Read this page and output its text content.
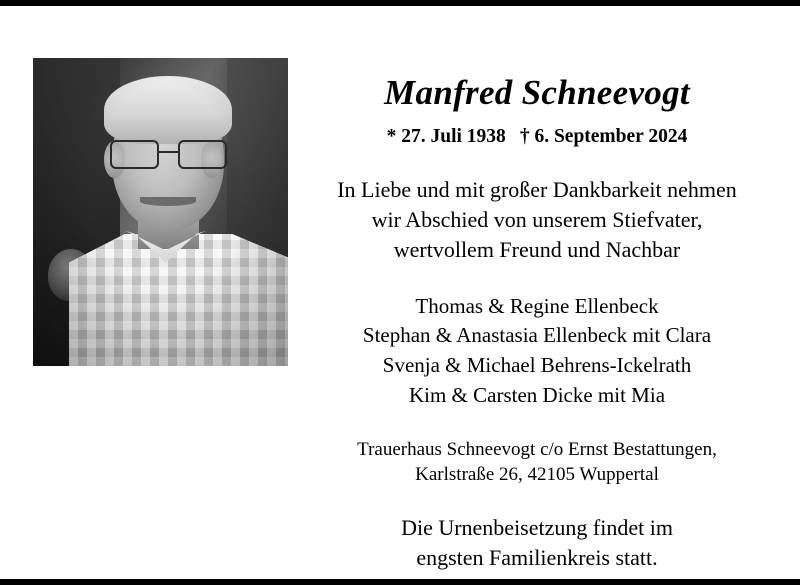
Manfred Schneevogt
* 27. Juli 1938 † 6. September 2024
In Liebe und mit großer Dankbarkeit nehmen
wir Abschied von unserem Stiefvater,
wertvollem Freund und Nachbar
Thomas & Regine Ellenbeck
Stephan & Anastasia Ellenbeck mit Clara
Svenja & Michael Behrens-Ickelrath
Kim & Carsten Dicke mit Mia
Trauerhaus Schneevogt c/o Ernst Bestattungen,
Karlstraße 26, 42105 Wuppertal
Die Urnenbeisetzung findet im
engsten Familienkreis statt.
